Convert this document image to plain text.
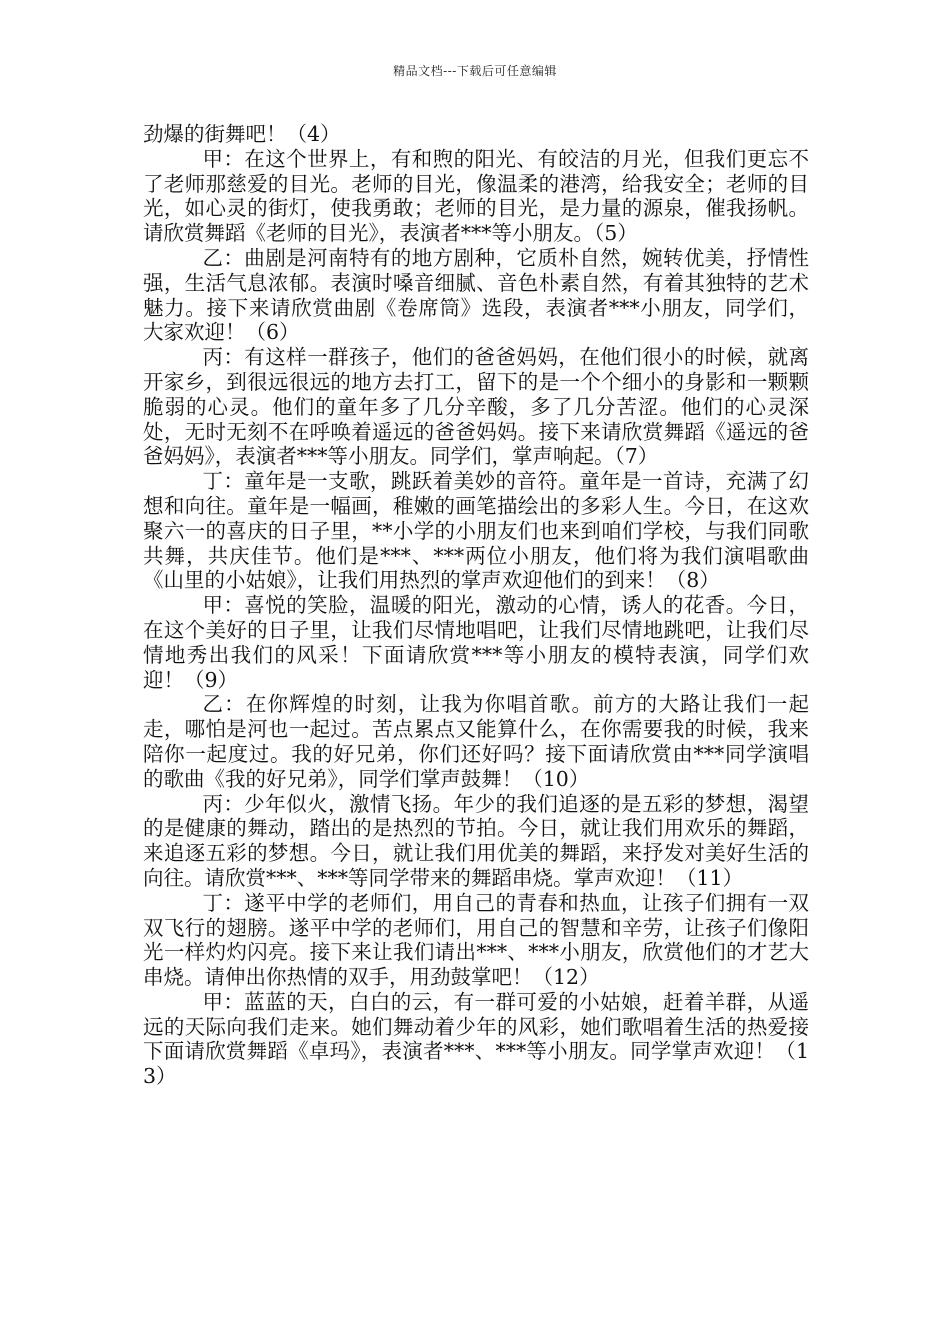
精品文档---下载后可任意编辑

劲爆的街舞吧！（4）

甲：在这个世界上，有和煦的阳光、有皎洁的月光，但我们更忘不了老师那慈爱的目光。老师的目光，像温柔的港湾，给我安全；老师的目光，如心灵的街灯，使我勇敢；老师的目光，是力量的源泉，催我扬帆。请欣赏舞蹈《老师的目光》，表演者***等小朋友。（5）

乙：曲剧是河南特有的地方剧种，它质朴自然，婉转优美，抒情性强，生活气息浓郁。表演时嗓音细腻、音色朴素自然，有着其独特的艺术魅力。接下来请欣赏曲剧《卷席筒》选段，表演者***小朋友，同学们，大家欢迎！（6）

丙：有这样一群孩子，他们的爸爸妈妈，在他们很小的时候，就离开家乡，到很远很远的地方去打工，留下的是一个个细小的身影和一颗颗脆弱的心灵。他们的童年多了几分辛酸，多了几分苦涩。他们的心灵深处，无时无刻不在呼唤着遥远的爸爸妈妈。接下来请欣赏舞蹈《遥远的爸爸妈妈》，表演者***等小朋友。同学们，掌声响起。（7）

丁：童年是一支歌，跳跃着美妙的音符。童年是一首诗，充满了幻想和向往。童年是一幅画，稚嫩的画笔描绘出的多彩人生。今日，在这欢聚六一的喜庆的日子里，**小学的小朋友们也来到咱们学校，与我们同歌共舞，共庆佳节。他们是***、***两位小朋友，他们将为我们演唱歌曲《山里的小姑娘》，让我们用热烈的掌声欢迎他们的到来！（8）

甲：喜悦的笑脸，温暖的阳光，激动的心情，诱人的花香。今日，在这个美好的日子里，让我们尽情地唱吧，让我们尽情地跳吧，让我们尽情地秀出我们的风采！下面请欣赏***等小朋友的模特表演，同学们欢迎！（9）

乙：在你辉煌的时刻，让我为你唱首歌。前方的大路让我们一起走，哪怕是河也一起过。苦点累点又能算什么，在你需要我的时候，我来陪你一起度过。我的好兄弟，你们还好吗？接下面请欣赏由***同学演唱的歌曲《我的好兄弟》，同学们掌声鼓舞！（10）

丙：少年似火，激情飞扬。年少的我们追逐的是五彩的梦想，渴望的是健康的舞动，踏出的是热烈的节拍。今日，就让我们用欢乐的舞蹈，来追逐五彩的梦想。今日，就让我们用优美的舞蹈，来抒发对美好生活的向往。请欣赏***、***等同学带来的舞蹈串烧。掌声欢迎！（11）

丁：遂平中学的老师们，用自己的青春和热血，让孩子们拥有一双双飞行的翅膀。遂平中学的老师们，用自己的智慧和辛劳，让孩子们像阳光一样灼灼闪亮。接下来让我们请出***、***小朋友，欣赏他们的才艺大串烧。请伸出你热情的双手，用劲鼓掌吧！（12）

甲：蓝蓝的天，白白的云，有一群可爱的小姑娘，赶着羊群，从遥远的天际向我们走来。她们舞动着少年的风彩，她们歌唱着生活的热爱接下面请欣赏舞蹈《卓玛》，表演者***、***等小朋友。同学掌声欢迎！（13）
